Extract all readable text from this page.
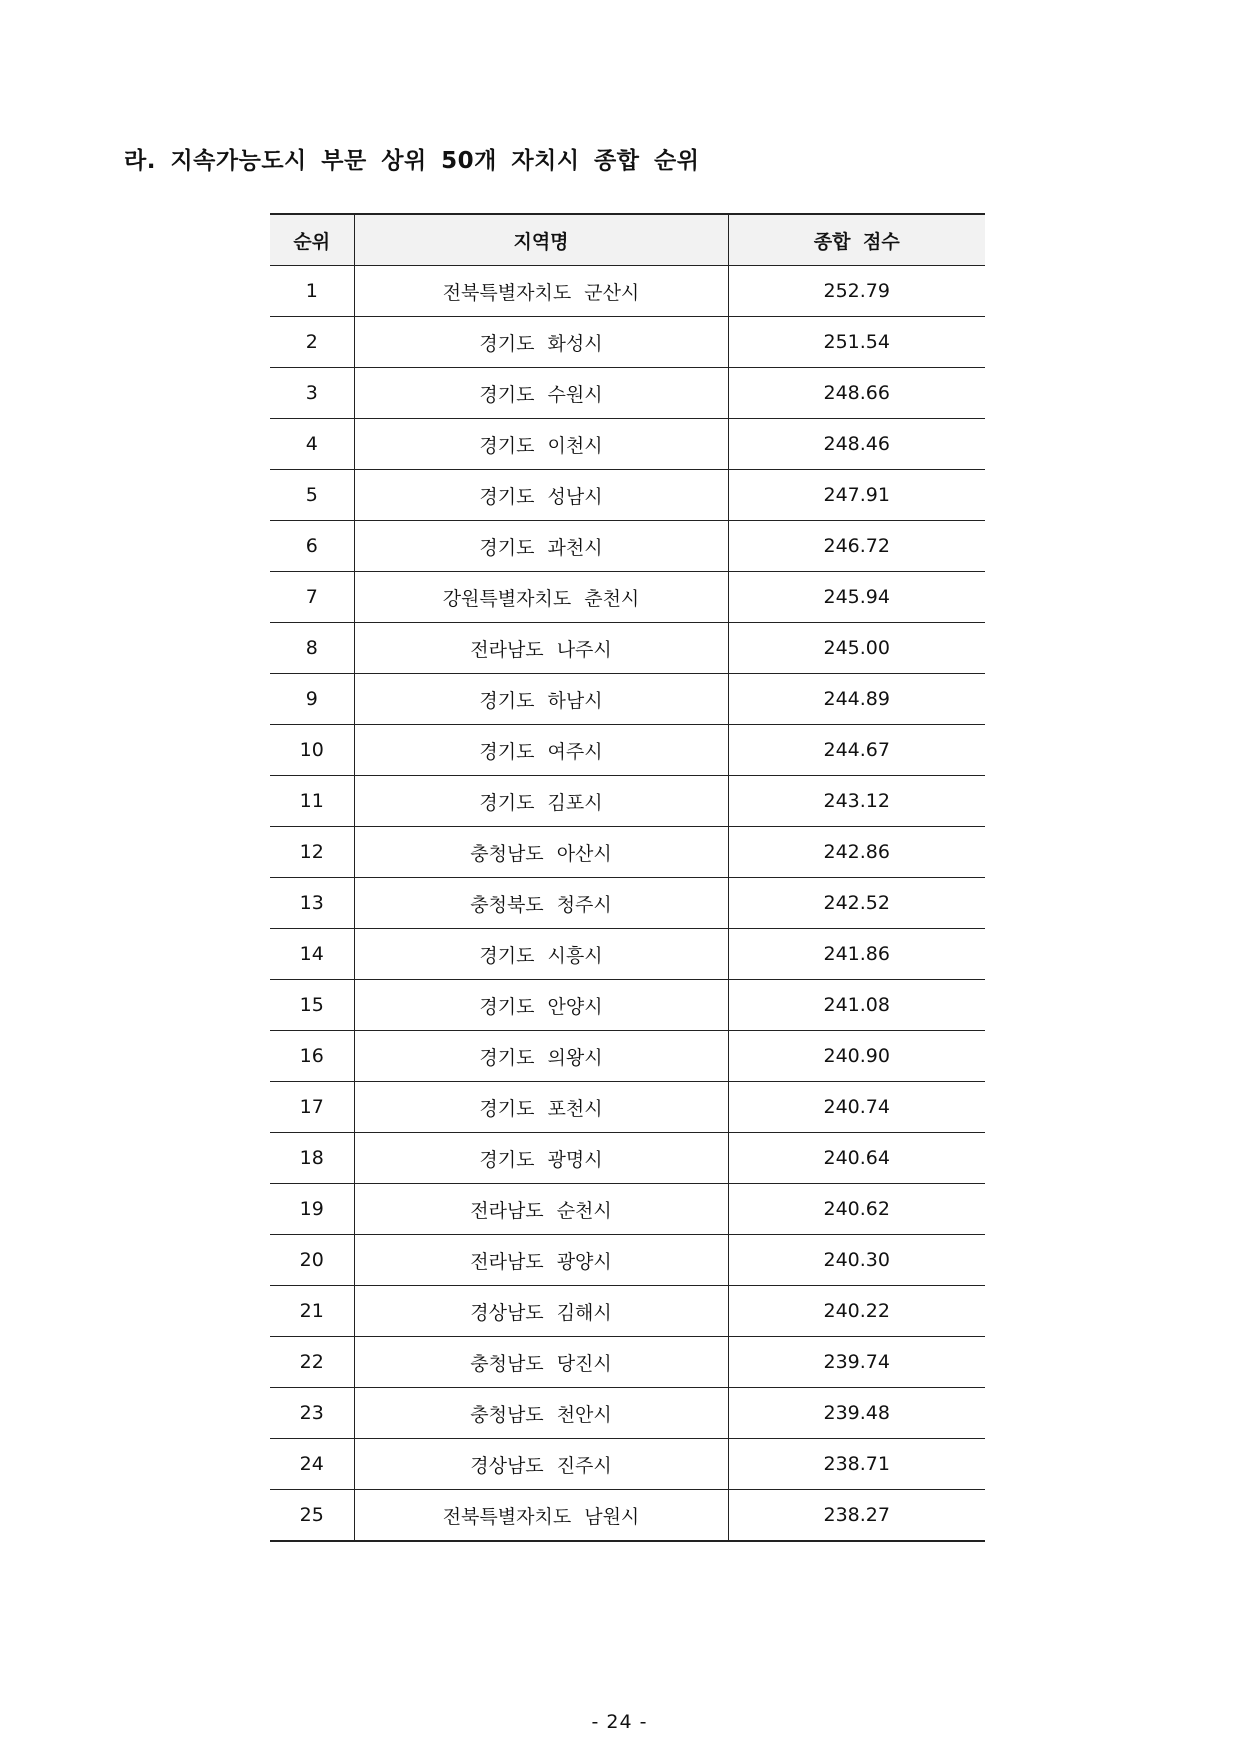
라. 지속가능도시 부문 상위 50개 자치시 종합 순위
순위	지역명	종합 점수
1	전북특별자치도 군산시	252.79
2	경기도 화성시	251.54
3	경기도 수원시	248.66
4	경기도 이천시	248.46
5	경기도 성남시	247.91
6	경기도 과천시	246.72
7	강원특별자치도 춘천시	245.94
8	전라남도 나주시	245.00
9	경기도 하남시	244.89
10	경기도 여주시	244.67
11	경기도 김포시	243.12
12	충청남도 아산시	242.86
13	충청북도 청주시	242.52
14	경기도 시흥시	241.86
15	경기도 안양시	241.08
16	경기도 의왕시	240.90
17	경기도 포천시	240.74
18	경기도 광명시	240.64
19	전라남도 순천시	240.62
20	전라남도 광양시	240.30
21	경상남도 김해시	240.22
22	충청남도 당진시	239.74
23	충청남도 천안시	239.48
24	경상남도 진주시	238.71
25	전북특별자치도 남원시	238.27
- 24 -
